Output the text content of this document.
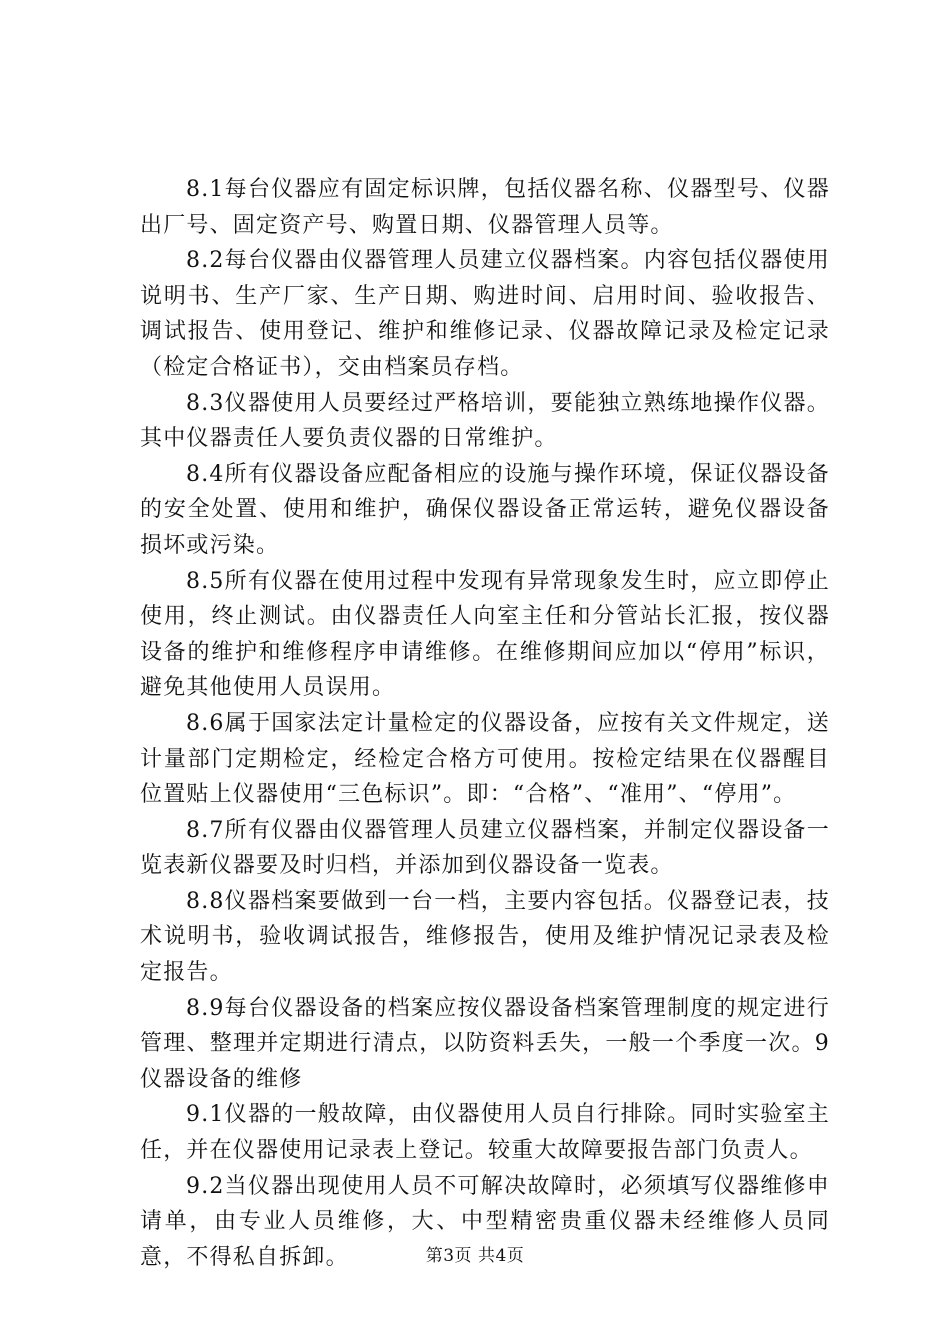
8.1每台仪器应有固定标识牌，包括仪器名称、仪器型号、仪器出厂号、固定资产号、购置日期、仪器管理人员等。

8.2每台仪器由仪器管理人员建立仪器档案。内容包括仪器使用说明书、生产厂家、生产日期、购进时间、启用时间、验收报告、调试报告、使用登记、维护和维修记录、仪器故障记录及检定记录（检定合格证书），交由档案员存档。

8.3仪器使用人员要经过严格培训，要能独立熟练地操作仪器。其中仪器责任人要负责仪器的日常维护。

8.4所有仪器设备应配备相应的设施与操作环境，保证仪器设备的安全处置、使用和维护，确保仪器设备正常运转，避免仪器设备损坏或污染。

8.5所有仪器在使用过程中发现有异常现象发生时，应立即停止使用，终止测试。由仪器责任人向室主任和分管站长汇报，按仪器设备的维护和维修程序申请维修。在维修期间应加以“停用”标识，避免其他使用人员误用。

8.6属于国家法定计量检定的仪器设备，应按有关文件规定，送计量部门定期检定，经检定合格方可使用。按检定结果在仪器醒目位置贴上仪器使用“三色标识”。即：“合格”、“准用”、“停用”。

8.7所有仪器由仪器管理人员建立仪器档案，并制定仪器设备一览表新仪器要及时归档，并添加到仪器设备一览表。

8.8仪器档案要做到一台一档，主要内容包括。仪器登记表，技术说明书，验收调试报告，维修报告，使用及维护情况记录表及检定报告。

8.9每台仪器设备的档案应按仪器设备档案管理制度的规定进行管理、整理并定期进行清点，以防资料丢失，一般一个季度一次。9仪器设备的维修

9.1仪器的一般故障，由仪器使用人员自行排除。同时实验室主任，并在仪器使用记录表上登记。较重大故障要报告部门负责人。

9.2当仪器出现使用人员不可解决故障时，必须填写仪器维修申请单，由专业人员维修，大、中型精密贵重仪器未经维修人员同意，不得私自拆卸。	第3页 共4页
